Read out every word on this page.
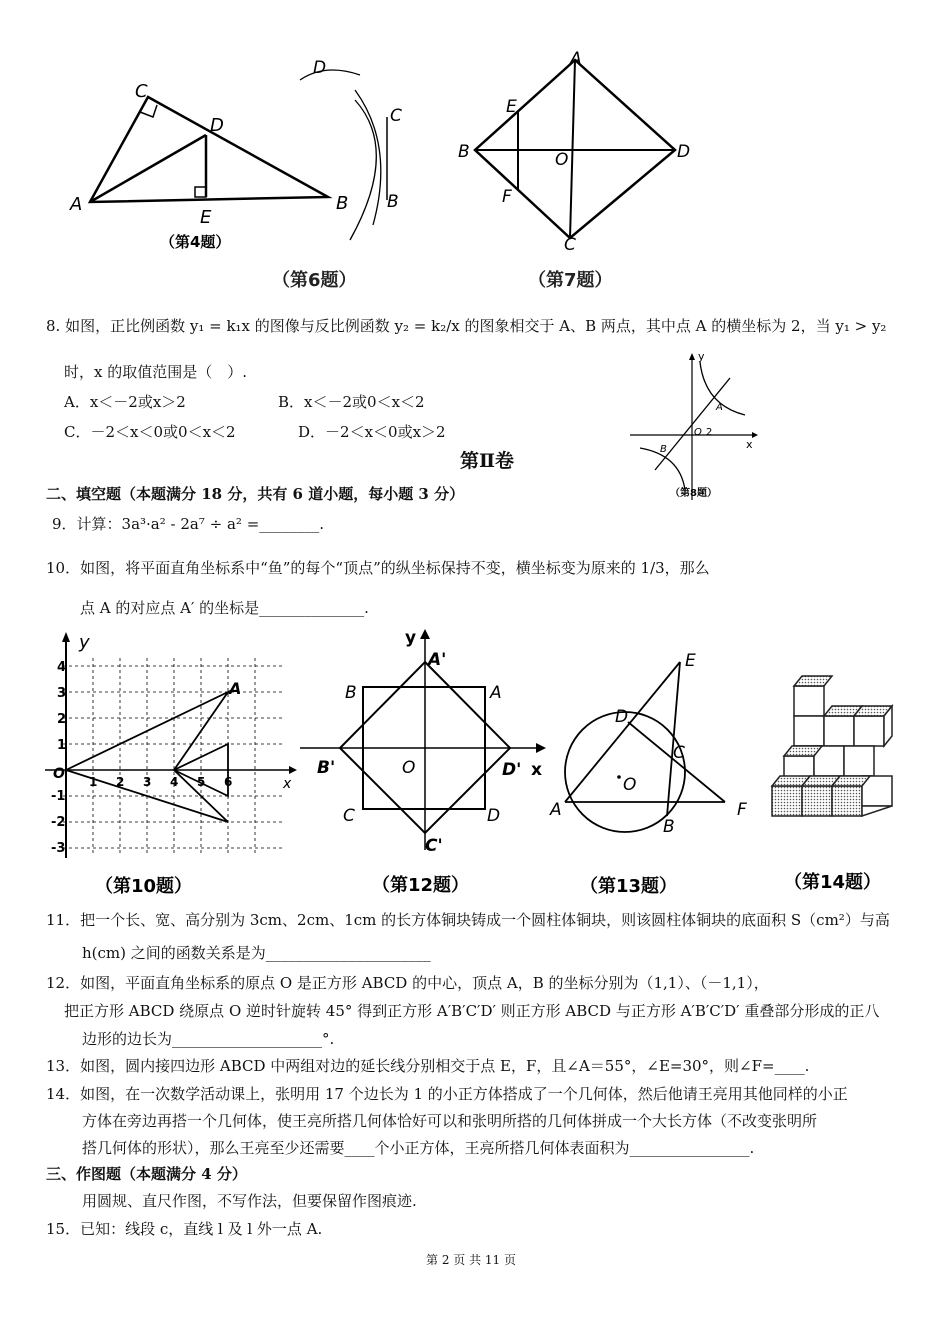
C
D
A
E
B
（第4题）
D
C
B
（第6题）
A
E
B	O	D
F
C
（第7题）
8. 如图，正比例函数 y₁ = k₁x 的图像与反比例函数 y₂ = k₂/x 的图象相交于 A、B 两点，其中点 A 的横坐标为 2，当 y₁ > y₂
时，x 的取值范围是（　）.
A．x＜－2或x＞2	B．x＜－2或0＜x＜2
C．－2＜x＜0或0＜x＜2	D．－2＜x＜0或x＞2
y
A
O 2
x
B
（第8题）
第Ⅱ卷
二、填空题（本题满分 18 分，共有 6 道小题，每小题 3 分）
9．计算：3a³·a² - 2a⁷ ÷ a² =________.
10．如图，将平面直角坐标系中“鱼”的每个“顶点”的纵坐标保持不变，横坐标变为原来的 1/3，那么
点 A 的对应点 A′ 的坐标是______________.
y
4
3
2
1
O
-1
-2
-3
A
1 2 3 4 5 6	x
（第10题）
y
A'
B	A
B'	O	D' x
C	D
C'
（第12题）
E
D
C
O
A
B
F
（第13题）	（第14题）
11．把一个长、宽、高分别为 3cm、2cm、1cm 的长方体铜块铸成一个圆柱体铜块，则该圆柱体铜块的底面积 S（cm²）与高
h(cm) 之间的函数关系是为______________________
12．如图，平面直角坐标系的原点 O 是正方形 ABCD 的中心，顶点 A，B 的坐标分别为（1,1）、（－1,1），
把正方形 ABCD 绕原点 O 逆时针旋转 45° 得到正方形 A′B′C′D′ 则正方形 ABCD 与正方形 A′B′C′D′ 重叠部分形成的正八
边形的边长为____________________°.
13．如图，圆内接四边形 ABCD 中两组对边的延长线分别相交于点 E，F，且∠A＝55°，∠E=30°，则∠F=____.
14．如图，在一次数学活动课上，张明用 17 个边长为 1 的小正方体搭成了一个几何体，然后他请王亮用其他同样的小正
方体在旁边再搭一个几何体，使王亮所搭几何体恰好可以和张明所搭的几何体拼成一个大长方体（不改变张明所
搭几何体的形状），那么王亮至少还需要____个小正方体，王亮所搭几何体表面积为________________.
三、作图题（本题满分 4 分）
用圆规、直尺作图，不写作法，但要保留作图痕迹.
15．已知：线段 c，直线 l 及 l 外一点 A.
第 2 页 共 11 页
